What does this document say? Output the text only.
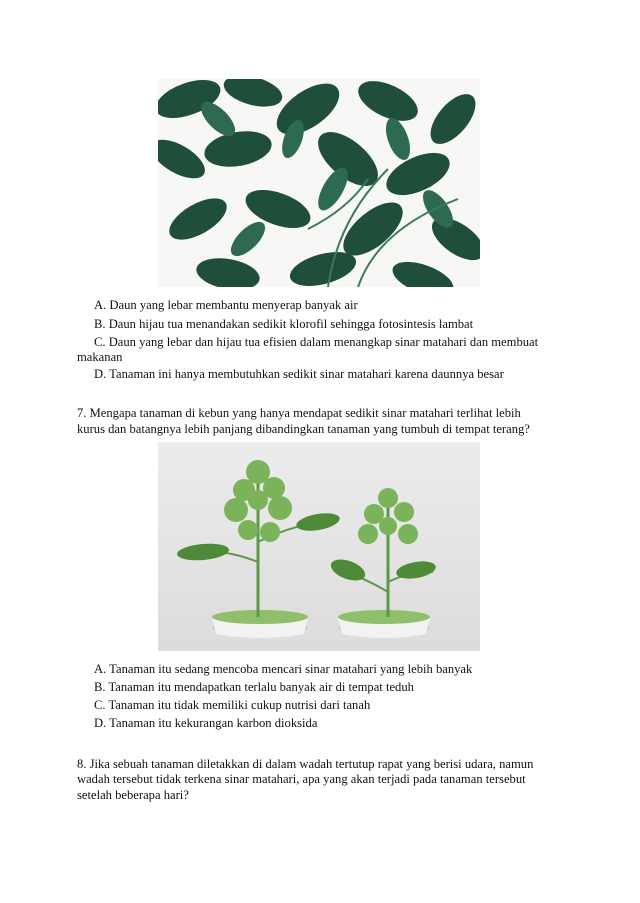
A. Daun yang lebar membantu menyerap banyak air

B. Daun hijau tua menandakan sedikit klorofil sehingga fotosintesis lambat

C. Daun yang lebar dan hijau tua efisien dalam menangkap sinar matahari dan membuat makanan

D. Tanaman ini hanya membutuhkan sedikit sinar matahari karena daunnya besar

7. Mengapa tanaman di kebun yang hanya mendapat sedikit sinar matahari terlihat lebih

kurus dan batangnya lebih panjang dibandingkan tanaman yang tumbuh di tempat terang?

A. Tanaman itu sedang mencoba mencari sinar matahari yang lebih banyak

B. Tanaman itu mendapatkan terlalu banyak air di tempat teduh

C. Tanaman itu tidak memiliki cukup nutrisi dari tanah

D. Tanaman itu kekurangan karbon dioksida

8. Jika sebuah tanaman diletakkan di dalam wadah tertutup rapat yang berisi udara, namun

wadah tersebut tidak terkena sinar matahari, apa yang akan terjadi pada tanaman tersebut

setelah beberapa hari?
